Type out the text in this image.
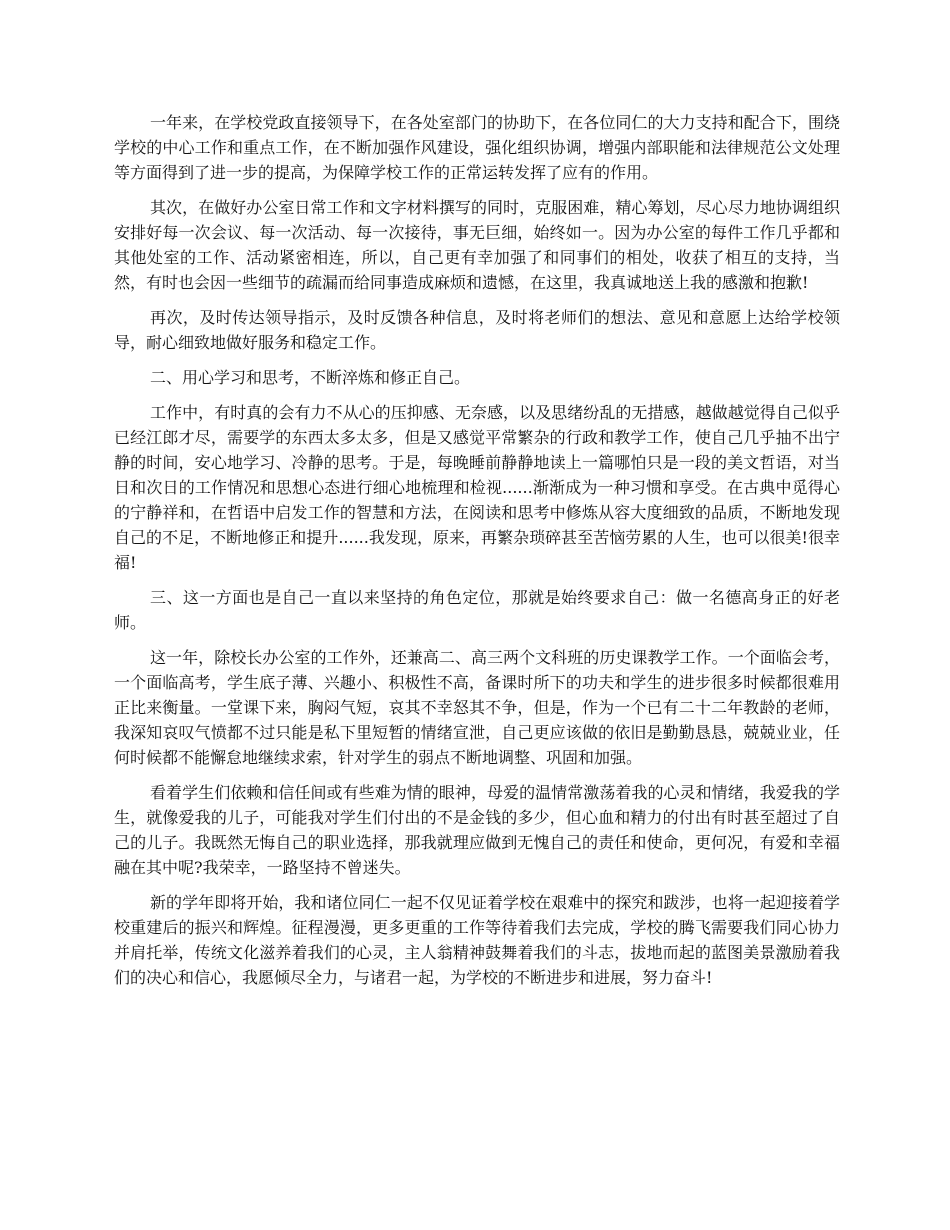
一年来，在学校党政直接领导下，在各处室部门的协助下，在各位同仁的大力支持和配合下，围绕学校的中心工作和重点工作，在不断加强作风建设，强化组织协调，增强内部职能和法律规范公文处理等方面得到了进一步的提高，为保障学校工作的正常运转发挥了应有的作用。

其次，在做好办公室日常工作和文字材料撰写的同时，克服困难，精心筹划，尽心尽力地协调组织安排好每一次会议、每一次活动、每一次接待，事无巨细，始终如一。因为办公室的每件工作几乎都和其他处室的工作、活动紧密相连，所以，自己更有幸加强了和同事们的相处，收获了相互的支持，当然，有时也会因一些细节的疏漏而给同事造成麻烦和遗憾，在这里，我真诚地送上我的感激和抱歉!

再次，及时传达领导指示，及时反馈各种信息，及时将老师们的想法、意见和意愿上达给学校领导，耐心细致地做好服务和稳定工作。

二、用心学习和思考，不断淬炼和修正自己。

工作中，有时真的会有力不从心的压抑感、无奈感，以及思绪纷乱的无措感，越做越觉得自己似乎已经江郎才尽，需要学的东西太多太多，但是又感觉平常繁杂的行政和教学工作，使自己几乎抽不出宁静的时间，安心地学习、冷静的思考。于是，每晚睡前静静地读上一篇哪怕只是一段的美文哲语，对当日和次日的工作情况和思想心态进行细心地梳理和检视......渐渐成为一种习惯和享受。在古典中觅得心的宁静祥和，在哲语中启发工作的智慧和方法，在阅读和思考中修炼从容大度细致的品质，不断地发现自己的不足，不断地修正和提升......我发现，原来，再繁杂琐碎甚至苦恼劳累的人生，也可以很美!很幸福!

三、这一方面也是自己一直以来坚持的角色定位，那就是始终要求自己：做一名德高身正的好老师。

这一年，除校长办公室的工作外，还兼高二、高三两个文科班的历史课教学工作。一个面临会考，一个面临高考，学生底子薄、兴趣小、积极性不高，备课时所下的功夫和学生的进步很多时候都很难用正比来衡量。一堂课下来，胸闷气短，哀其不幸怒其不争，但是，作为一个已有二十二年教龄的老师，我深知哀叹气愤都不过只能是私下里短暂的情绪宣泄，自己更应该做的依旧是勤勤恳恳，兢兢业业，任何时候都不能懈怠地继续求索，针对学生的弱点不断地调整、巩固和加强。

看着学生们依赖和信任间或有些难为情的眼神，母爱的温情常激荡着我的心灵和情绪，我爱我的学生，就像爱我的儿子，可能我对学生们付出的不是金钱的多少，但心血和精力的付出有时甚至超过了自己的儿子。我既然无悔自己的职业选择，那我就理应做到无愧自己的责任和使命，更何况，有爱和幸福融在其中呢?我荣幸，一路坚持不曾迷失。

新的学年即将开始，我和诸位同仁一起不仅见证着学校在艰难中的探究和跋涉，也将一起迎接着学校重建后的振兴和辉煌。征程漫漫，更多更重的工作等待着我们去完成，学校的腾飞需要我们同心协力并肩托举，传统文化滋养着我们的心灵，主人翁精神鼓舞着我们的斗志，拔地而起的蓝图美景激励着我们的决心和信心，我愿倾尽全力，与诸君一起，为学校的不断进步和进展，努力奋斗!
